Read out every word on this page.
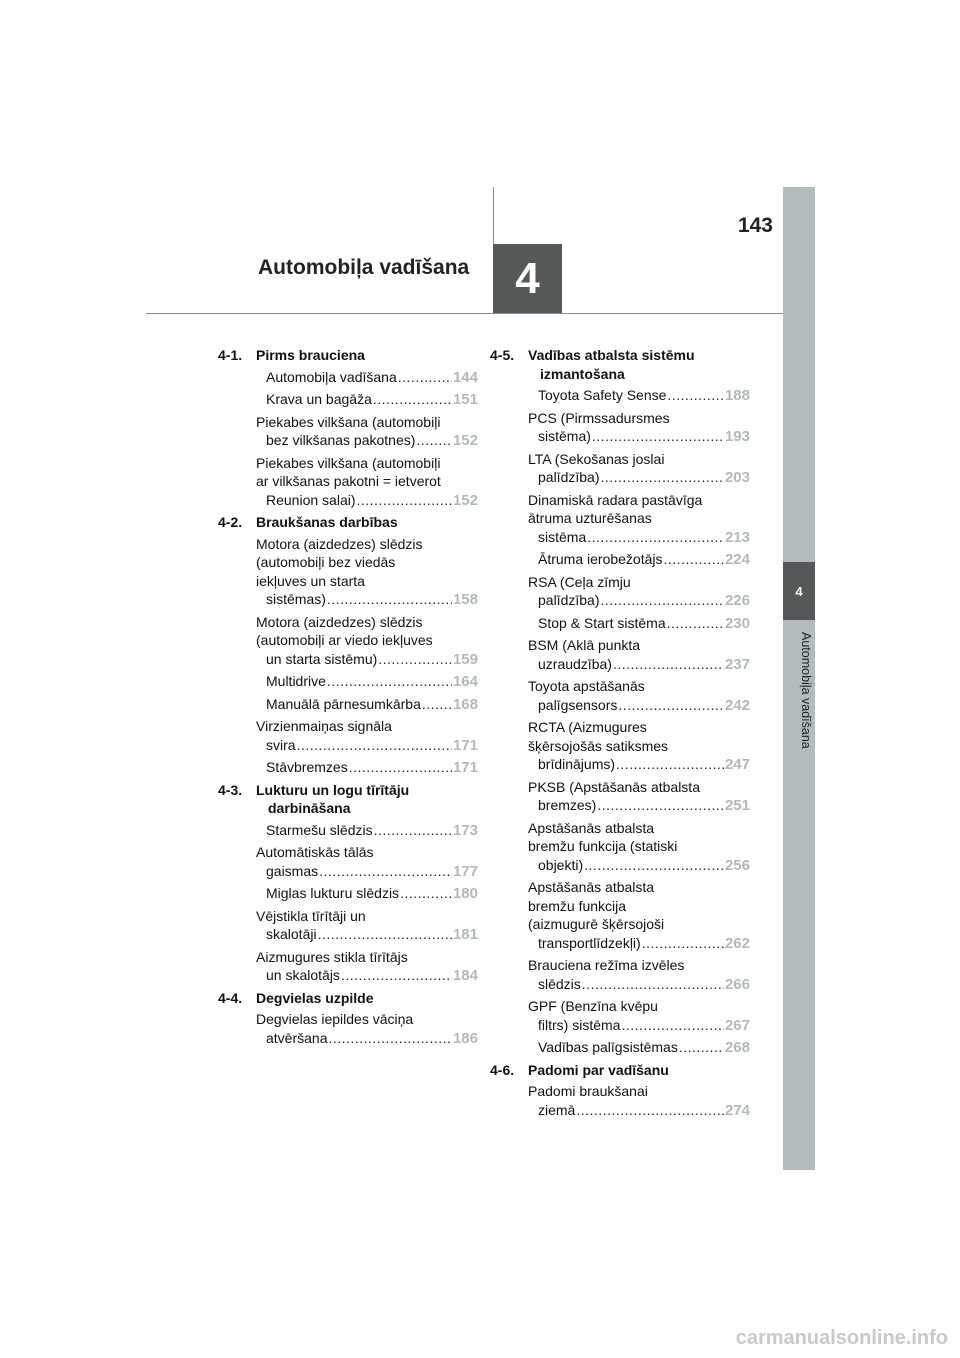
143
Automobiļa vadīšana	4
4
Automobiļa vadīšana
4-1. Pirms brauciena
Automobiļa vadīšana .....	144
Krava un bagāža .....	151
Piekabes vilkšana (automobiļi
bez vilkšanas pakotnes) .....	152
Piekabes vilkšana (automobiļi
ar vilkšanas pakotni = ietverot
Reunion salai) .....	152
4-2. Braukšanas darbības
Motora (aizdedzes) slēdzis
(automobiļi bez viedās
iekļuves un starta
sistēmas) .....	158
Motora (aizdedzes) slēdzis
(automobiļi ar viedo iekļuves
un starta sistēmu) .....	159
Multidrive .....	164
Manuālā pārnesumkārba ..... 168
Virzienmaiņas signāla
svira .....	171
Stāvbremzes .....	171
4-3. Lukturu un logu tīrītāju darbināšana
Starmešu slēdzis .....	173
Automātiskās tālās
gaismas .....	177
Miglas lukturu slēdzis .....	180
Vējstikla tīrītāji un
skalotāji .....	181
Aizmugures stikla tīrītājs
un skalotājs .....	184
4-4. Degvielas uzpilde
Degvielas iepildes vāciņa
atvēršana .....	186
4-5. Vadības atbalsta sistēmu izmantošana
Toyota Safety Sense .....	188
PCS (Pirmssadursmes
sistēma) .....	193
LTA (Sekošanas joslai
palīdzība) .....	203
Dinamiskā radara pastāvīga
ātruma uzturēšanas
sistēma .....	213
Ātruma ierobežotājs .....	224
RSA (Ceļa zīmju
palīdzība) .....	226
Stop & Start sistēma .....	230
BSM (Aklā punkta
uzraudzība) .....	237
Toyota apstāšanās
palīgsensors .....	242
RCTA (Aizmugures
šķērsojošās satiksmes
brīdinājums) .....	247
PKSB (Apstāšanās atbalsta
bremzes) .....	251
Apstāšanās atbalsta
bremžu funkcija (statiski
objekti) .....	256
Apstāšanās atbalsta
bremžu funkcija
(aizmugurē šķērsojoši
transportlīdzekļi) .....	262
Brauciena režīma izvēles
slēdzis .....	266
GPF (Benzīna kvēpu
filtrs) sistēma .....	267
Vadības palīgsistēmas .....	268
4-6. Padomi par vadīšanu
Padomi braukšanai
ziemā .....	274
carmanualsonline.info
